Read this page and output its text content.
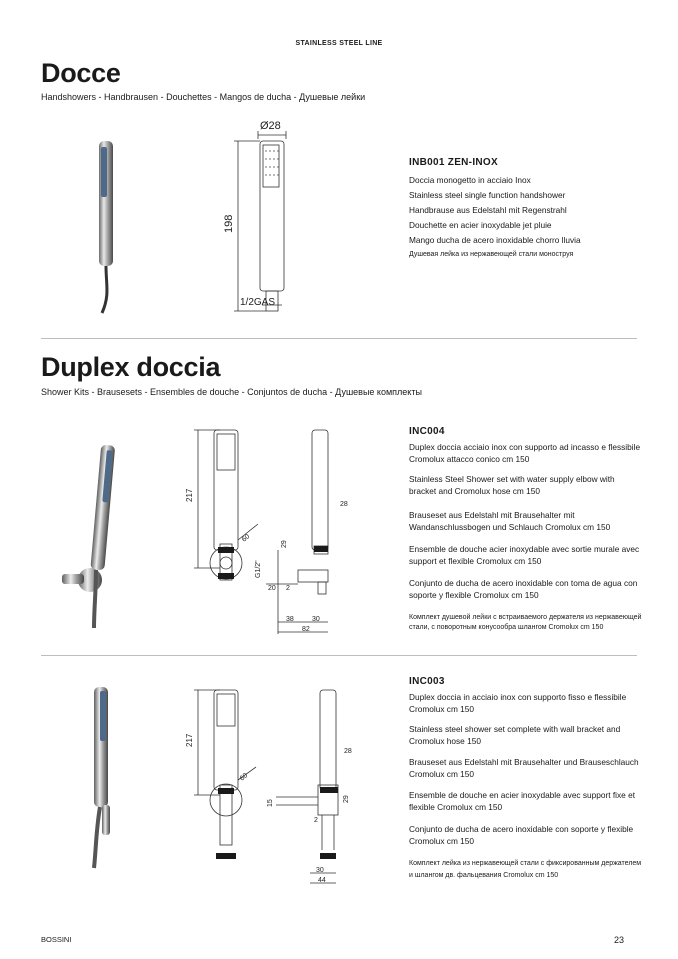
STAINLESS STEEL LINE
Docce
Handshowers - Handbrausen - Douchettes - Mangos de ducha - Душевые лейки
Ø28
198
1/2GAS
INB001 ZEN-INOX
Doccia monogetto in acciaio Inox
Stainless steel single function handshower
Handbrause aus Edelstahl mit Regenstrahl
Douchette en acier inoxydable jet pluie
Mango ducha de acero inoxidable chorro lluvia
Душевая лейка из нержавеющей стали моноструя
Duplex doccia
Shower Kits - Brausesets - Ensembles de douche - Conjuntos de ducha - Душевые комплекты
217
60
G1/2"
29
28
20 2
38	30
82
INC004
Duplex doccia acciaio inox con supporto ad incasso e flessibile Cromolux attacco conico cm 150
Stainless Steel Shower set with water supply elbow with bracket and Cromolux hose cm 150
Brauseset aus Edelstahl mit Brausehalter mit Wandanschlussbogen und Schlauch Cromolux cm 150
Ensemble de douche acier inoxydable avec sortie murale avec support et flexible Cromolux cm 150
Conjunto de ducha de acero inoxidable con toma de agua con soporte y flexible Cromolux cm 150
Комплект душевой лейки с встраиваемого держателя из нержавеющей стали, с поворотным конусообра шлангом Cromolux cm 150
217
60
28
15
29
2
30
44
INC003
Duplex doccia in acciaio inox con supporto fisso e flessibile Cromolux cm 150
Stainless steel shower set complete with wall bracket and Cromolux hose 150
Brauseset aus Edelstahl mit Brausehalter und Brauseschlauch Cromolux cm 150
Ensemble de douche en acier inoxydable avec support fixe et flexible Cromolux cm 150
Conjunto de ducha de acero inoxidable con soporte y flexible Cromolux cm 150
Комплект лейка из нержавеющей стали с фиксированным держателем и шлангом дв. фальцевания Cromolux cm 150
BOSSINI	23
